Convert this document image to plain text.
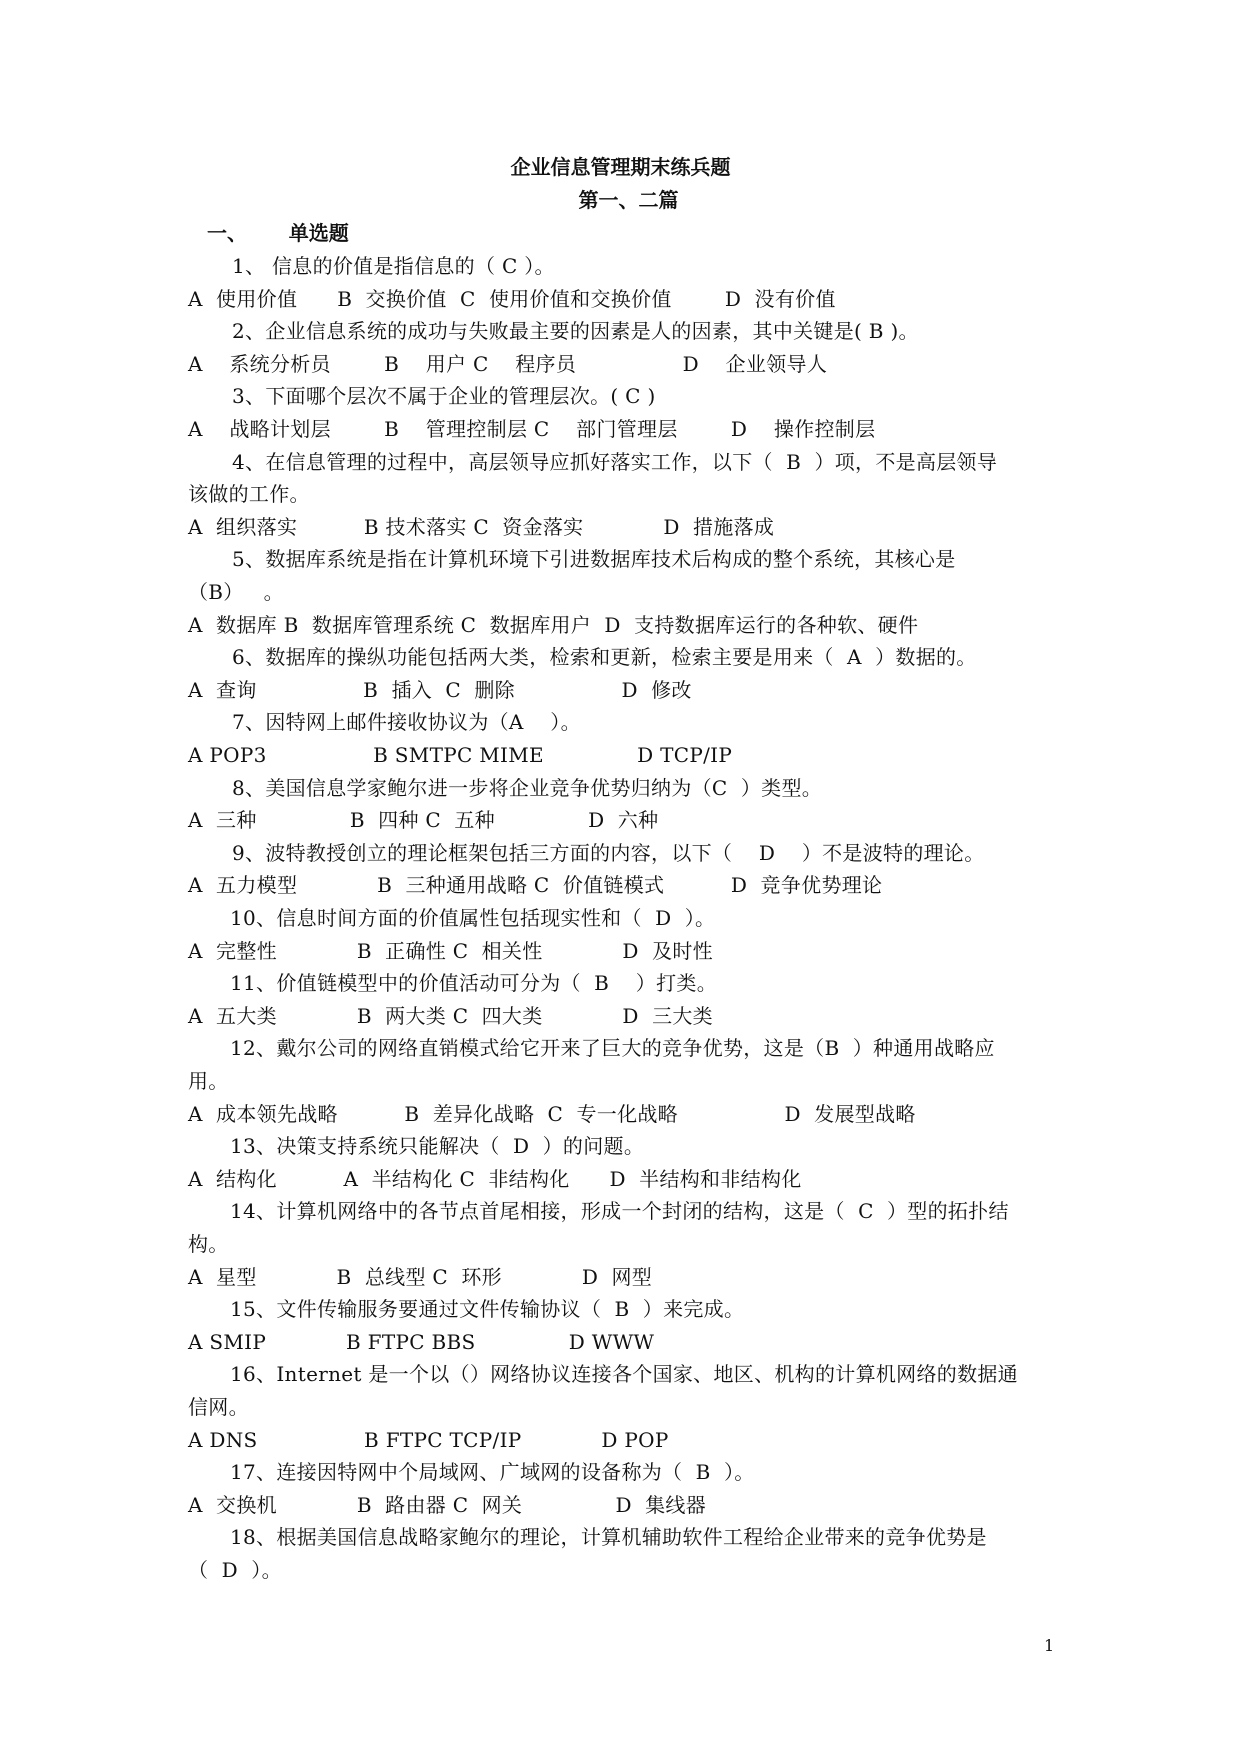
企业信息管理期末练兵题
第一、二篇
一、      单选题
1、 信息的价值是指信息的（ C ）。
A  使用价值      B  交换价值  C  使用价值和交换价值        D  没有价值
2、企业信息系统的成功与失败最主要的因素是人的因素，其中关键是( B )。
A    系统分析员        B    用户 C    程序员                D    企业领导人
3、下面哪个层次不属于企业的管理层次。( C )
A    战略计划层        B    管理控制层 C    部门管理层        D    操作控制层
4、在信息管理的过程中，高层领导应抓好落实工作，以下（  B  ）项，不是高层领导
该做的工作。
A  组织落实          B 技术落实 C  资金落实            D  措施落成
5、数据库系统是指在计算机环境下引进数据库技术后构成的整个系统，其核心是
（B）   。
A  数据库 B  数据库管理系统 C  数据库用户  D  支持数据库运行的各种软、硬件
6、数据库的操纵功能包括两大类，检索和更新，检索主要是用来（  A  ）数据的。
A  查询                B  插入  C  删除                D  修改
7、因特网上邮件接收协议为（A    ）。
A POP3                B SMTPC MIME              D TCP/IP
8、美国信息学家鲍尔进一步将企业竞争优势归纳为（C  ）类型。
A  三种              B  四种 C  五种              D  六种
9、波特教授创立的理论框架包括三方面的内容，以下（    D    ）不是波特的理论。
A  五力模型            B  三种通用战略 C  价值链模式          D  竞争优势理论
10、信息时间方面的价值属性包括现实性和（  D  ）。
A  完整性            B  正确性 C  相关性            D  及时性
11、价值链模型中的价值活动可分为（  B    ）打类。
A  五大类            B  两大类 C  四大类            D  三大类
12、戴尔公司的网络直销模式给它开来了巨大的竞争优势，这是（B  ）种通用战略应
用。
A  成本领先战略          B  差异化战略  C  专一化战略                D  发展型战略
13、决策支持系统只能解决（  D  ）的问题。
A  结构化          A  半结构化 C  非结构化      D  半结构和非结构化
14、计算机网络中的各节点首尾相接，形成一个封闭的结构，这是（  C  ）型的拓扑结
构。
A  星型            B  总线型 C  环形            D  网型
15、文件传输服务要通过文件传输协议（  B  ）来完成。
A SMIP            B FTPC BBS              D WWW
16、Internet 是一个以（）网络协议连接各个国家、地区、机构的计算机网络的数据通
信网。
A DNS                B FTPC TCP/IP            D POP
17、连接因特网中个局域网、广域网的设备称为（  B  ）。
A  交换机            B  路由器 C  网关              D  集线器
18、根据美国信息战略家鲍尔的理论，计算机辅助软件工程给企业带来的竞争优势是
（  D  ）。
1
